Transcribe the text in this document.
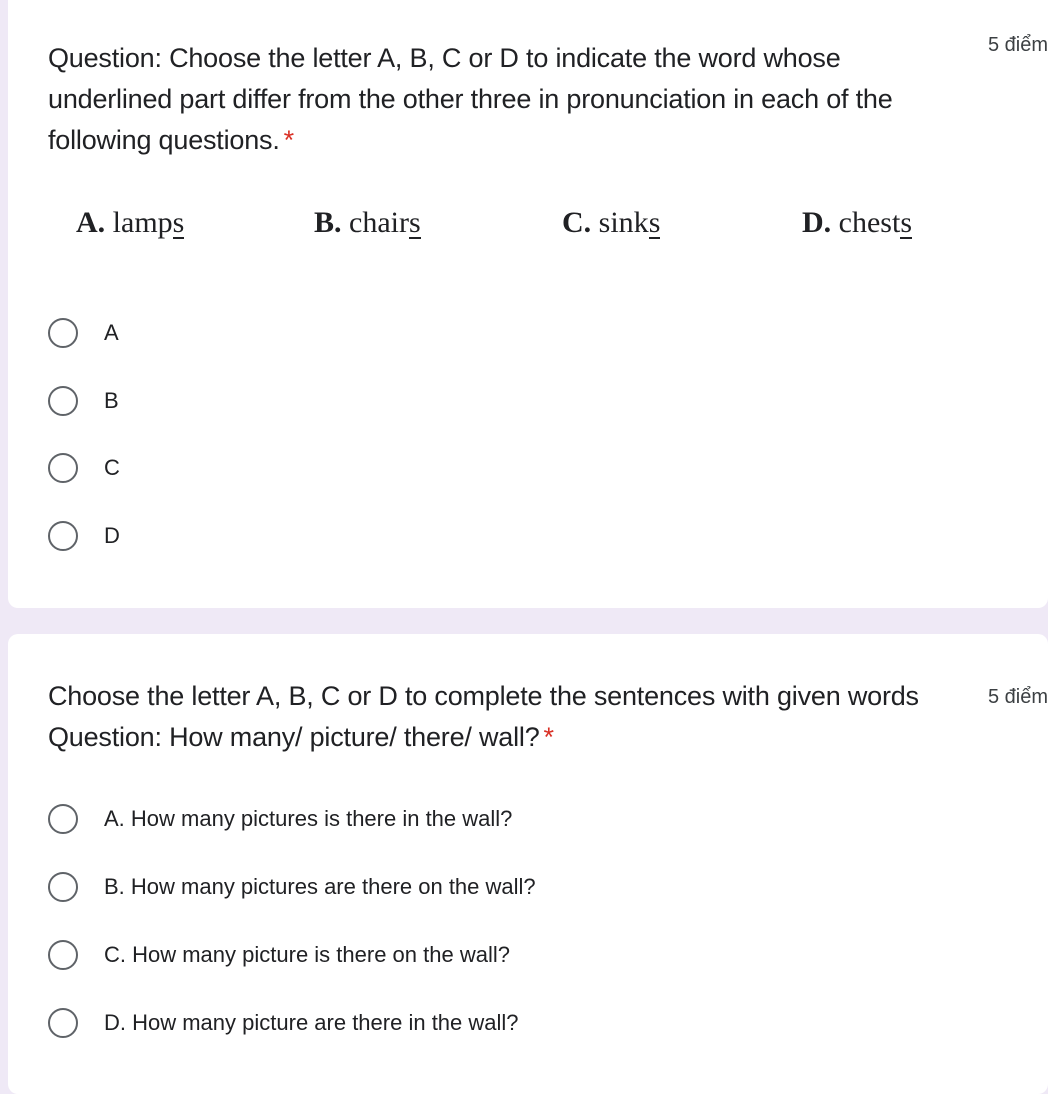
Question: Choose the letter A, B, C or D to indicate the word whose underlined part differ from the other three in pronunciation in each of the following questions. *
5 điểm
A. lamps	B. chairs	C. sinks	D. chests
A
B
C
D
Choose the letter A, B, C or D to complete the sentences with given words
Question: How many/ picture/ there/ wall? *
5 điểm
A. How many pictures is there in the wall?
B. How many pictures are there on the wall?
C. How many picture is there on the wall?
D. How many picture are there in the wall?
